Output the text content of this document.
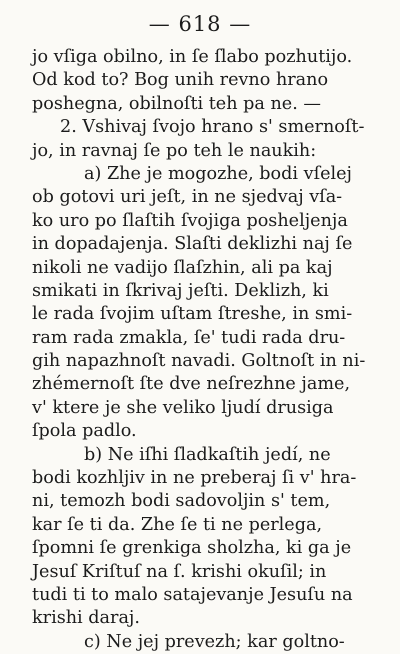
— 618 —
jo vſiga obilno, in ſe ſlabo pozhutijo.
Od kod to? Bog unih revno hrano
poshegna, obilnoſti teh pa ne. —
2. Vshivaj ſvojo hrano s' smernoſt-
jo, in ravnaj ſe po teh le naukih:
a) Zhe je mogozhe, bodi vſelej
ob gotovi uri jeſt, in ne sjedvaj vſa-
ko uro po ſlaſtih ſvojiga posheljenja
in dopadajenja. Slaſti deklizhi naj ſe
nikoli ne vadijo ſlaſzhin, ali pa kaj
smikati in ſkrivaj jeſti. Deklizh, ki
le rada ſvojim uſtam ſtreshe, in smi-
ram rada zmakla, ſe' tudi rada dru-
gih napazhnoſt navadi. Goltnoſt in ni-
zhémernoſt ſte dve neſrezhne jame,
v' ktere je she veliko ljudí drusiga
ſpola padlo.
b) Ne iſhi ſladkaſtih jedí, ne
bodi kozhljiv in ne preberaj ſi v' hra-
ni, temozh bodi sadovoljin s' tem,
kar ſe ti da. Zhe ſe ti ne perlega,
ſpomni ſe grenkiga sholzha, ki ga je
Jesuſ Kriſtuſ na ſ. krishi okuſil; in
tudi ti to malo satajevanje Jesuſu na
krishi daraj.
c) Ne jej prevezh; kar goltno-
